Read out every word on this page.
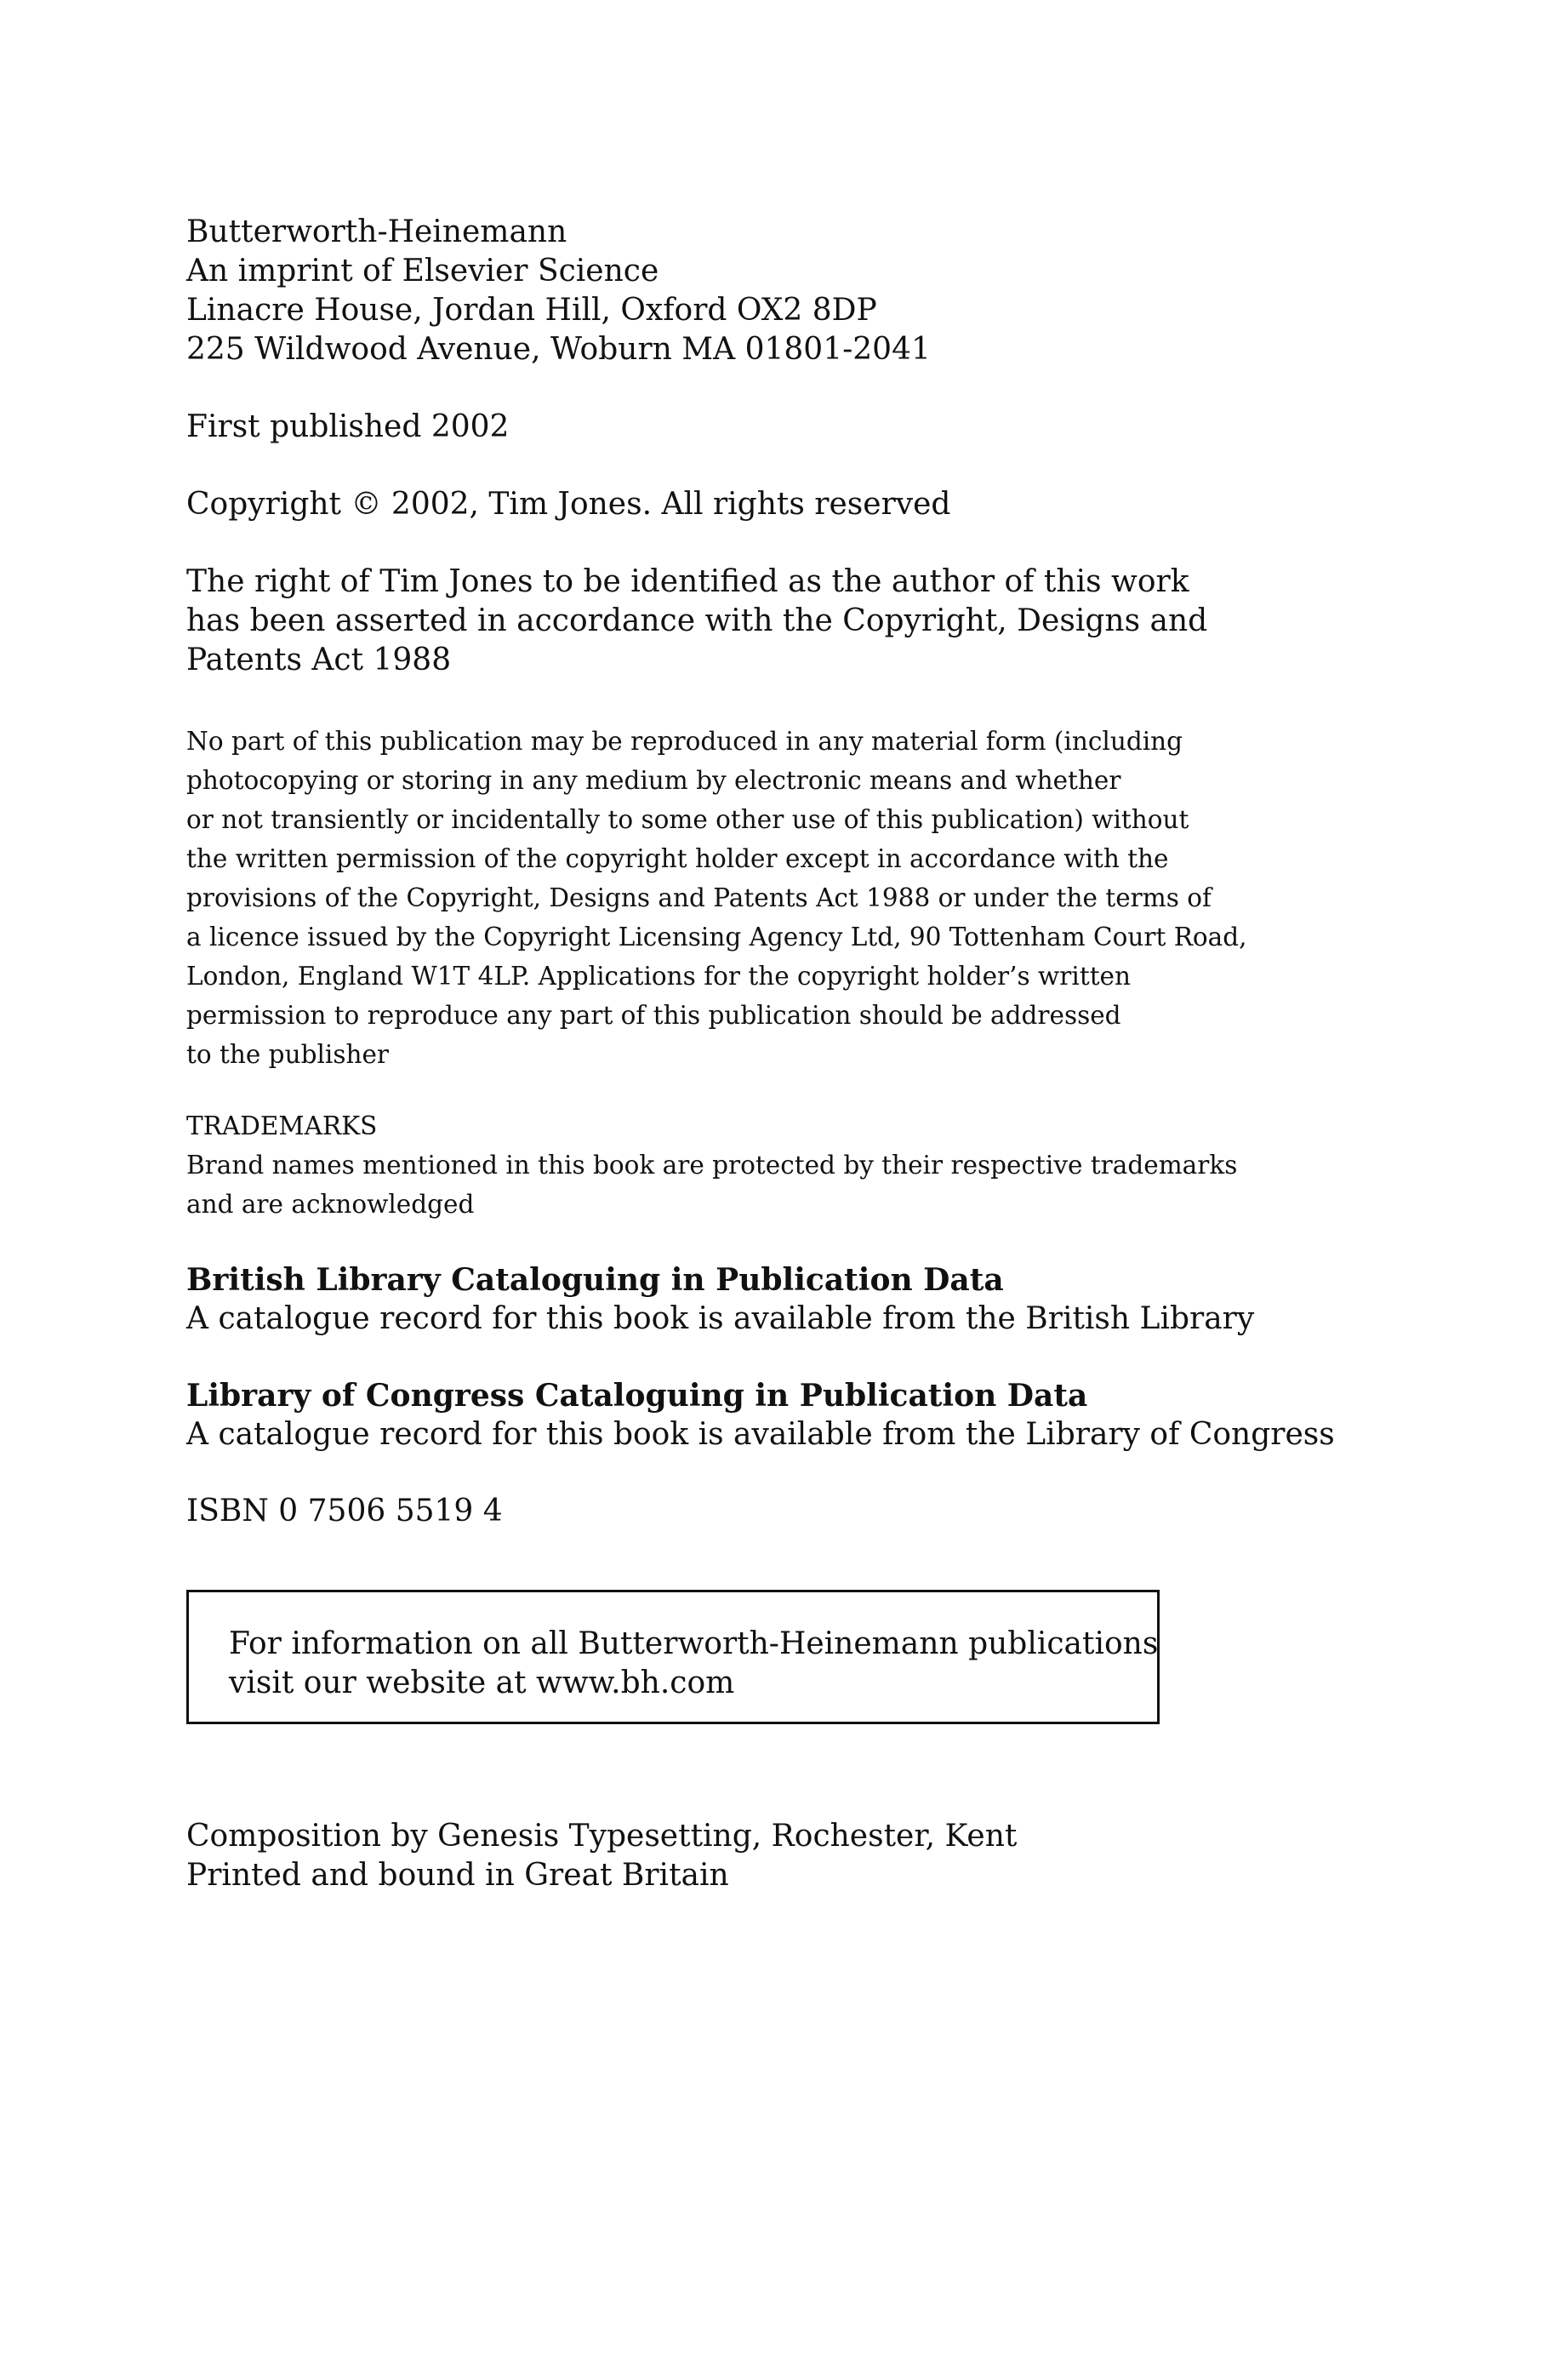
Butterworth-Heinemann
An imprint of Elsevier Science
Linacre House, Jordan Hill, Oxford OX2 8DP
225 Wildwood Avenue, Woburn MA 01801-2041
First published 2002
Copyright © 2002, Tim Jones. All rights reserved
The right of Tim Jones to be identified as the author of this work
has been asserted in accordance with the Copyright, Designs and
Patents Act 1988
No part of this publication may be reproduced in any material form (including
photocopying or storing in any medium by electronic means and whether
or not transiently or incidentally to some other use of this publication) without
the written permission of the copyright holder except in accordance with the
provisions of the Copyright, Designs and Patents Act 1988 or under the terms of
a licence issued by the Copyright Licensing Agency Ltd, 90 Tottenham Court Road,
London, England W1T 4LP. Applications for the copyright holder’s written
permission to reproduce any part of this publication should be addressed
to the publisher
TRADEMARKS
Brand names mentioned in this book are protected by their respective trademarks
and are acknowledged
British Library Cataloguing in Publication Data
A catalogue record for this book is available from the British Library
Library of Congress Cataloguing in Publication Data
A catalogue record for this book is available from the Library of Congress
ISBN 0 7506 5519 4
For information on all Butterworth-Heinemann publications
visit our website at www.bh.com
Composition by Genesis Typesetting, Rochester, Kent
Printed and bound in Great Britain
